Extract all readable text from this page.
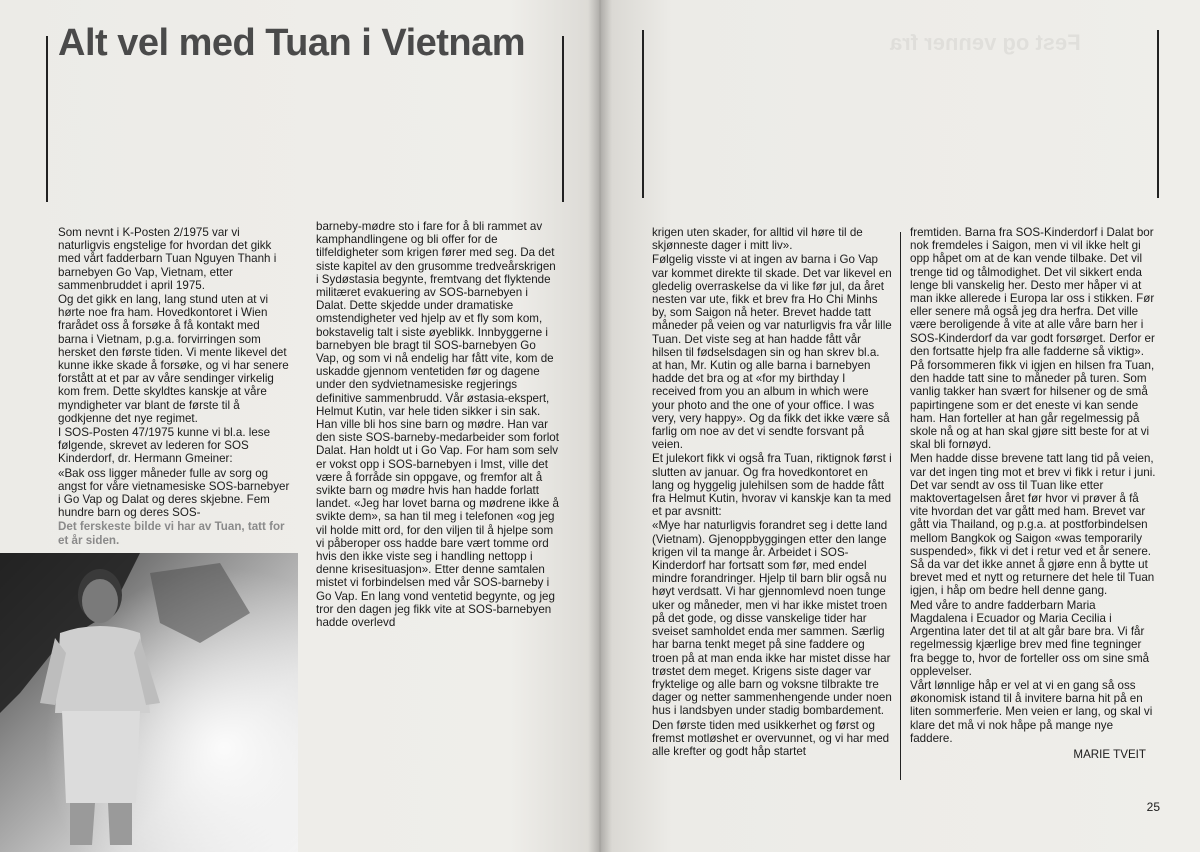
Alt vel med Tuan i Vietnam

Som nevnt i K-Posten 2/1975 var vi naturligvis engstelige for hvordan det gikk med vårt fadderbarn Tuan Nguyen Thanh i barnebyen Go Vap, Vietnam, etter sammenbruddet i april 1975.

Og det gikk en lang, lang stund uten at vi hørte noe fra ham. Hovedkontoret i Wien frarådet oss å forsøke å få kontakt med barna i Vietnam, p.g.a. forvirringen som hersket den første tiden. Vi mente likevel det kunne ikke skade å forsøke, og vi har senere forstått at et par av våre sendinger virkelig kom frem. Dette skyldtes kanskje at våre myndigheter var blant de første til å godkjenne det nye regimet.

I SOS-Posten 47/1975 kunne vi bl.a. lese følgende, skrevet av lederen for SOS Kinderdorf, dr. Hermann Gmeiner:

«Bak oss ligger måneder fulle av sorg og angst for våre vietnamesiske SOS-barnebyer i Go Vap og Dalat og deres skjebne. Fem hundre barn og deres SOS-

Det ferskeste bilde vi har av Tuan, tatt for et år siden.

barneby-mødre sto i fare for å bli rammet av kamphandlingene og bli offer for de tilfeldigheter som krigen fører med seg. Da det siste kapitel av den grusomme tredveårskrigen i Sydøstasia begynte, fremtvang det flyktende militæret evakuering av SOS-barnebyen i Dalat. Dette skjedde under dramatiske omstendigheter ved hjelp av et fly som kom, bokstavelig talt i siste øyeblikk. Innbyggerne i barnebyen ble bragt til SOS-barnebyen Go Vap, og som vi nå endelig har fått vite, kom de uskadde gjennom ventetiden før og dagene under den sydvietnamesiske regjerings definitive sammenbrudd. Vår østasia-ekspert, Helmut Kutin, var hele tiden sikker i sin sak. Han ville bli hos sine barn og mødre. Han var den siste SOS-barneby-medarbeider som forlot Dalat. Han holdt ut i Go Vap. For ham som selv er vokst opp i SOS-barnebyen i Imst, ville det være å forråde sin oppgave, og fremfor alt å svikte barn og mødre hvis han hadde forlatt landet. «Jeg har lovet barna og mødrene ikke å svikte dem», sa han til meg i telefonen «og jeg vil holde mitt ord, for den viljen til å hjelpe som vi påberoper oss hadde bare vært tomme ord hvis den ikke viste seg i handling nettopp i denne krisesituasjon». Etter denne samtalen mistet vi forbindelsen med vår SOS-barneby i Go Vap. En lang vond ventetid begynte, og jeg tror den dagen jeg fikk vite at SOS-barnebyen hadde overlevd

Fest og venner fra

krigen uten skader, for alltid vil høre til de skjønneste dager i mitt liv».

Følgelig visste vi at ingen av barna i Go Vap var kommet direkte til skade. Det var likevel en gledelig overraskelse da vi like før jul, da året nesten var ute, fikk et brev fra Ho Chi Minhs by, som Saigon nå heter. Brevet hadde tatt måneder på veien og var naturligvis fra vår lille Tuan. Det viste seg at han hadde fått vår hilsen til fødselsdagen sin og han skrev bl.a. at han, Mr. Kutin og alle barna i barnebyen hadde det bra og at «for my birthday I received from you an album in which were your photo and the one of your office. I was very, very happy». Og da fikk det ikke være så farlig om noe av det vi sendte forsvant på veien.

Et julekort fikk vi også fra Tuan, riktignok først i slutten av januar. Og fra hovedkontoret en lang og hyggelig julehilsen som de hadde fått fra Helmut Kutin, hvorav vi kanskje kan ta med et par avsnitt:

«Mye har naturligvis forandret seg i dette land (Vietnam). Gjenoppbyggingen etter den lange krigen vil ta mange år. Arbeidet i SOS-Kinderdorf har fortsatt som før, med endel mindre forandringer. Hjelp til barn blir også nu høyt verdsatt. Vi har gjennomlevd noen tunge uker og måneder, men vi har ikke mistet troen på det gode, og disse vanskelige tider har sveiset samholdet enda mer sammen. Særlig har barna tenkt meget på sine faddere og troen på at man enda ikke har mistet disse har trøstet dem meget. Krigens siste dager var fryktelige og alle barn og voksne tilbrakte tre dager og netter sammenhengende under noen hus i landsbyen under stadig bombardement.

Den første tiden med usikkerhet og først og fremst motløshet er overvunnet, og vi har med alle krefter og godt håp startet

fremtiden. Barna fra SOS-Kinderdorf i Dalat bor nok fremdeles i Saigon, men vi vil ikke helt gi opp håpet om at de kan vende tilbake. Det vil trenge tid og tålmodighet. Det vil sikkert enda lenge bli vanskelig her. Desto mer håper vi at man ikke allerede i Europa lar oss i stikken. Før eller senere må også jeg dra herfra. Det ville være beroligende å vite at alle våre barn her i SOS-Kinderdorf da var godt forsørget. Derfor er den fortsatte hjelp fra alle fadderne så viktig».

På forsommeren fikk vi igjen en hilsen fra Tuan, den hadde tatt sine to måneder på turen. Som vanlig takker han svært for hilsener og de små papirtingene som er det eneste vi kan sende ham. Han forteller at han går regelmessig på skole nå og at han skal gjøre sitt beste for at vi skal bli fornøyd.

Men hadde disse brevene tatt lang tid på veien, var det ingen ting mot et brev vi fikk i retur i juni. Det var sendt av oss til Tuan like etter maktovertagelsen året før hvor vi prøver å få vite hvordan det var gått med ham. Brevet var gått via Thailand, og p.g.a. at postforbindelsen mellom Bangkok og Saigon «was temporarily suspended», fikk vi det i retur ved et år senere. Så da var det ikke annet å gjøre enn å bytte ut brevet med et nytt og returnere det hele til Tuan igjen, i håp om bedre hell denne gang.

Med våre to andre fadderbarn Maria Magdalena i Ecuador og Maria Cecilia i Argentina later det til at alt går bare bra. Vi får regelmessig kjærlige brev med fine tegninger fra begge to, hvor de forteller oss om sine små opplevelser.

Vårt lønnlige håp er vel at vi en gang så oss økonomisk istand til å invitere barna hit på en liten sommerferie. Men veien er lang, og skal vi klare det må vi nok håpe på mange nye faddere.

MARIE TVEIT

25
